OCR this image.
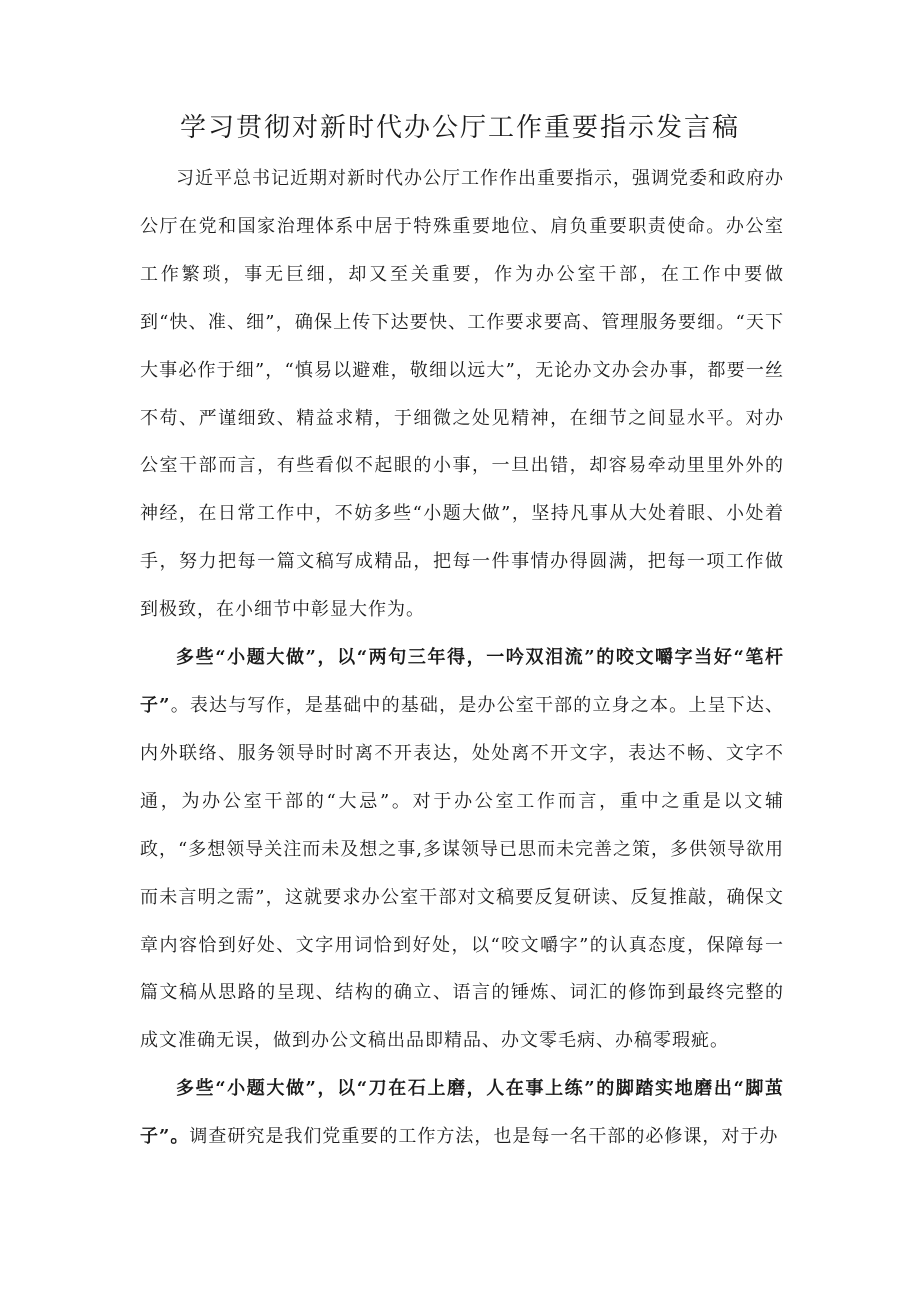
学习贯彻对新时代办公厅工作重要指示发言稿

习近平总书记近期对新时代办公厅工作作出重要指示，强调党委和政府办公厅在党和国家治理体系中居于特殊重要地位、肩负重要职责使命。办公室工作繁琐，事无巨细，却又至关重要，作为办公室干部，在工作中要做到“快、准、细”，确保上传下达要快、工作要求要高、管理服务要细。“天下大事必作于细”，“慎易以避难，敬细以远大”，无论办文办会办事，都要一丝不苟、严谨细致、精益求精，于细微之处见精神，在细节之间显水平。对办公室干部而言，有些看似不起眼的小事，一旦出错，却容易牵动里里外外的神经，在日常工作中，不妨多些“小题大做”，坚持凡事从大处着眼、小处着手，努力把每一篇文稿写成精品，把每一件事情办得圆满，把每一项工作做到极致，在小细节中彰显大作为。

多些“小题大做”，以“两句三年得，一吟双泪流”的咬文嚼字当好“笔杆子”。表达与写作，是基础中的基础，是办公室干部的立身之本。上呈下达、内外联络、服务领导时时离不开表达，处处离不开文字，表达不畅、文字不通，为办公室干部的“大忌”。对于办公室工作而言，重中之重是以文辅政，“多想领导关注而未及想之事,多谋领导已思而未完善之策，多供领导欲用而未言明之需”，这就要求办公室干部对文稿要反复研读、反复推敲，确保文章内容恰到好处、文字用词恰到好处，以“咬文嚼字”的认真态度，保障每一篇文稿从思路的呈现、结构的确立、语言的锤炼、词汇的修饰到最终完整的成文准确无误，做到办公文稿出品即精品、办文零毛病、办稿零瑕疵。

多些“小题大做”，以“刀在石上磨，人在事上练”的脚踏实地磨出“脚茧子”。调查研究是我们党重要的工作方法，也是每一名干部的必修课，对于办
